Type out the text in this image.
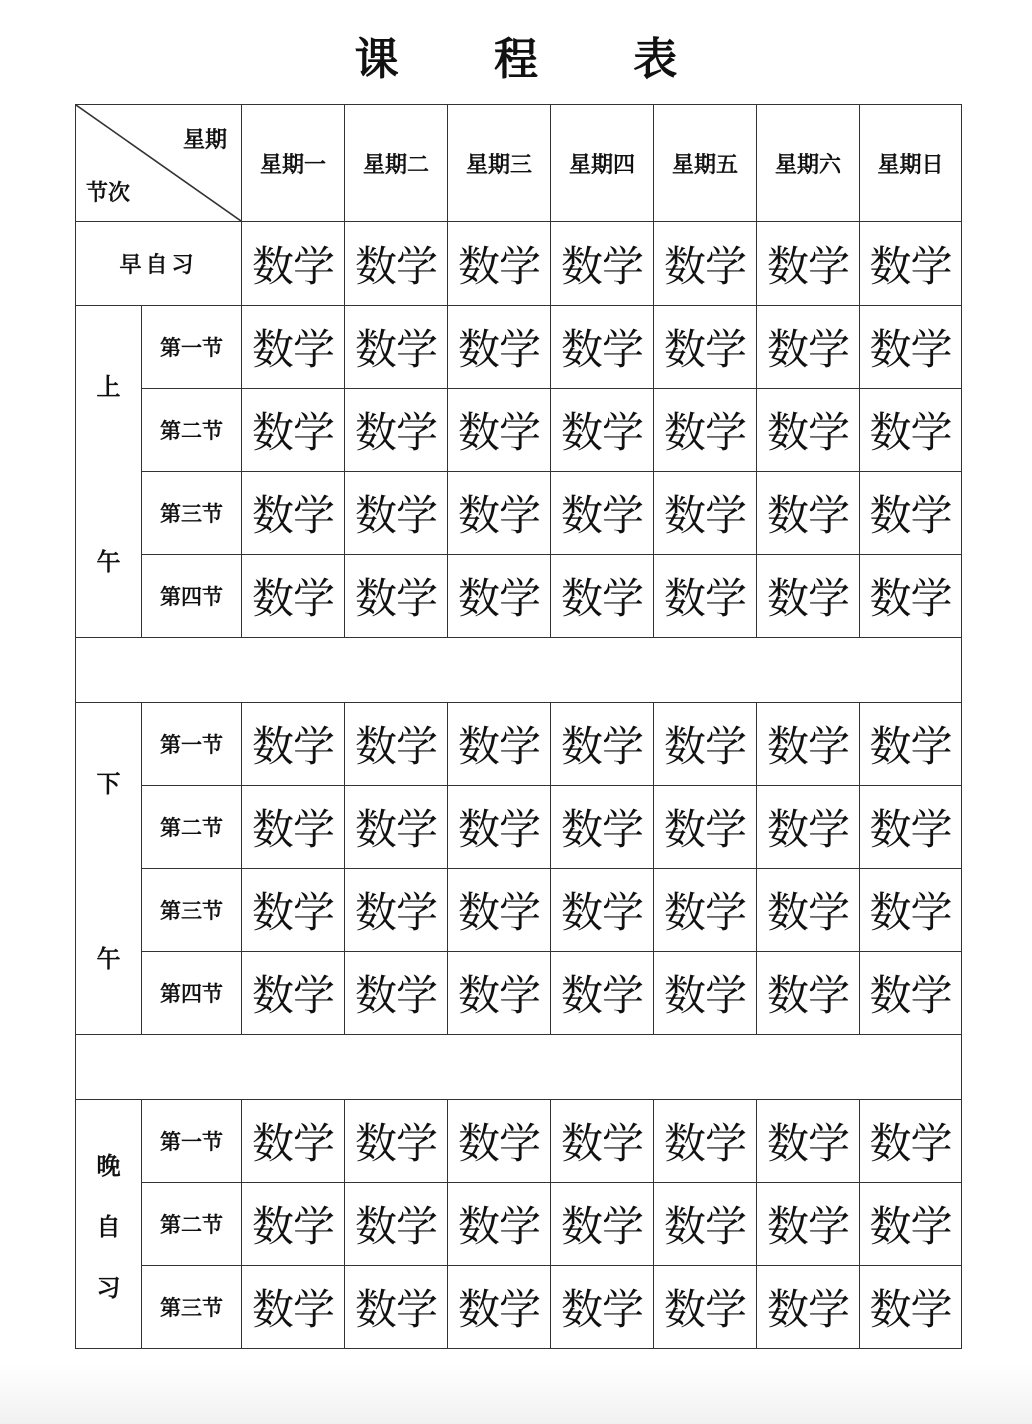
课 程 表
星期
节次		星期一	星期二	星期三	星期四	星期五	星期六	星期日
早自习		数学	数学	数学	数学	数学	数学	数学

上
午	第一节	数学	数学	数学	数学	数学	数学	数学
	第二节	数学	数学	数学	数学	数学	数学	数学
	第三节	数学	数学	数学	数学	数学	数学	数学
	第四节	数学	数学	数学	数学	数学	数学	数学

下
午	第一节	数学	数学	数学	数学	数学	数学	数学
	第二节	数学	数学	数学	数学	数学	数学	数学
	第三节	数学	数学	数学	数学	数学	数学	数学
	第四节	数学	数学	数学	数学	数学	数学	数学

晚
自
习	第一节	数学	数学	数学	数学	数学	数学	数学
	第二节	数学	数学	数学	数学	数学	数学	数学
	第三节	数学	数学	数学	数学	数学	数学	数学
